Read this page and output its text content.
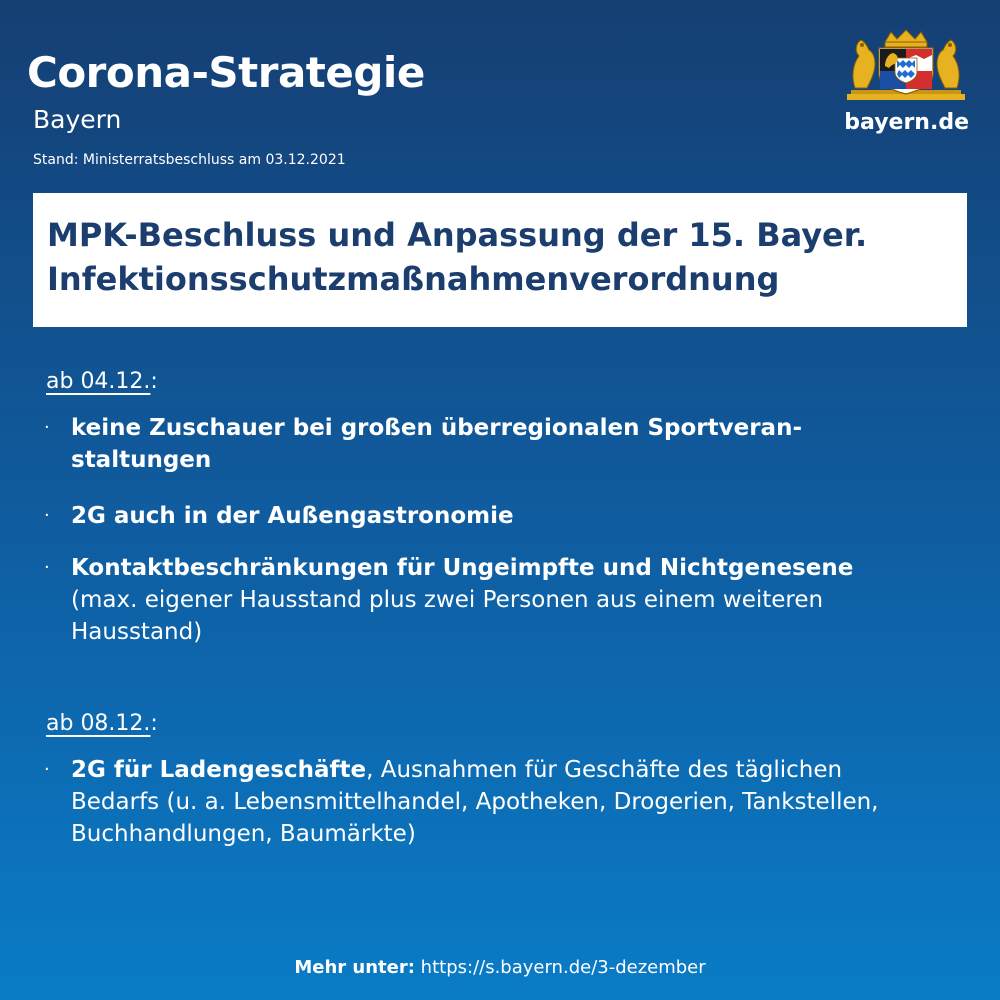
Corona-Strategie
Bayern
Stand: Ministerratsbeschluss am 03.12.2021
bayern.de
MPK-Beschluss und Anpassung der 15. Bayer.
Infektionsschutzmaßnahmenverordnung
ab 04.12.:
· keine Zuschauer bei großen überregionalen Sportveran-
staltungen
· 2G auch in der Außengastronomie
· Kontaktbeschränkungen für Ungeimpfte und Nichtgenesene
(max. eigener Hausstand plus zwei Personen aus einem weiteren
Hausstand)
ab 08.12.:
· 2G für Ladengeschäfte, Ausnahmen für Geschäfte des täglichen
Bedarfs (u. a. Lebensmittelhandel, Apotheken, Drogerien, Tankstellen,
Buchhandlungen, Baumärkte)
Mehr unter: https://s.bayern.de/3-dezember
